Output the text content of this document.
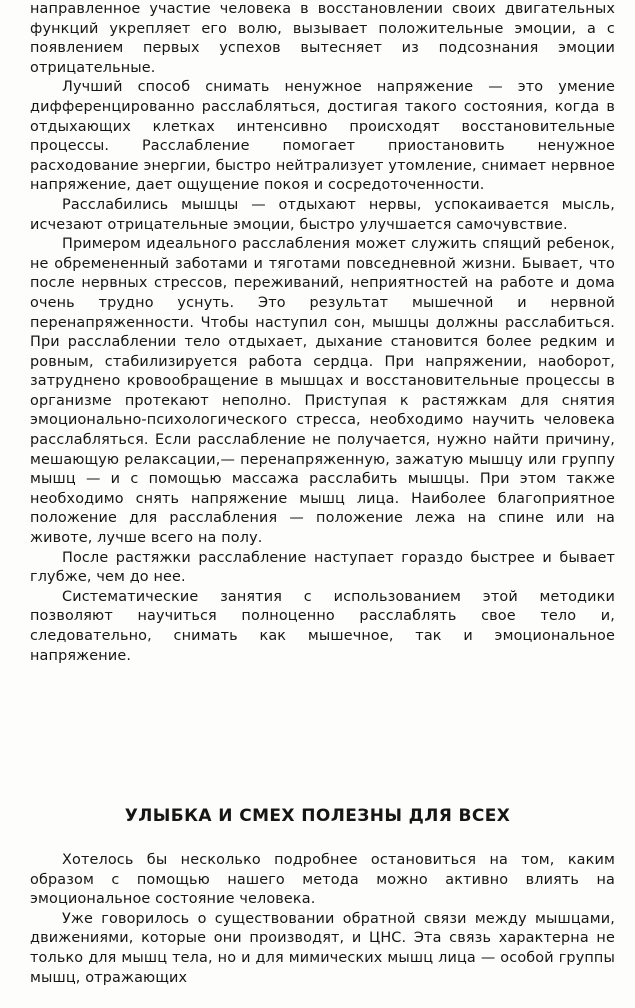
направленное участие человека в восстановлении своих двигательных функций укрепляет его волю, вызывает положительные эмоции, а с появлением первых успехов вытесняет из подсознания эмоции отрицательные.

Лучший способ снимать ненужное напряжение — это умение дифференцированно расслабляться, достигая такого состояния, когда в отдыхающих клетках интенсивно происходят восстановительные процессы. Расслабление помогает приостановить ненужное расходование энергии, быстро нейтрализует утомление, снимает нервное напряжение, дает ощущение покоя и сосредоточенности.

Расслабились мышцы — отдыхают нервы, успокаивается мысль, исчезают отрицательные эмоции, быстро улучшается самочувствие.

Примером идеального расслабления может служить спящий ребенок, не обремененный заботами и тяготами повседневной жизни. Бывает, что после нервных стрессов, переживаний, неприятностей на работе и дома очень трудно уснуть. Это результат мышечной и нервной перенапряженности. Чтобы наступил сон, мышцы должны расслабиться. При расслаблении тело отдыхает, дыхание становится более редким и ровным, стабилизируется работа сердца. При напряжении, наоборот, затруднено кровообращение в мышцах и восстановительные процессы в организме протекают неполно. Приступая к растяжкам для снятия эмоционально-психологического стресса, необходимо научить человека расслабляться. Если расслабление не получается, нужно найти причину, мешающую релаксации,— перенапряженную, зажатую мышцу или группу мышц — и с помощью массажа расслабить мышцы. При этом также необходимо снять напряжение мышц лица. Наиболее благоприятное положение для расслабления — положение лежа на спине или на животе, лучше всего на полу.

После растяжки расслабление наступает гораздо быстрее и бывает глубже, чем до нее.

Систематические занятия с использованием этой методики позволяют научиться полноценно расслаблять свое тело и, следовательно, снимать как мышечное, так и эмоциональное напряжение.

УЛЫБКА И СМЕХ ПОЛЕЗНЫ ДЛЯ ВСЕХ

Хотелось бы несколько подробнее остановиться на том, каким образом с помощью нашего метода можно активно влиять на эмоциональное состояние человека.

Уже говорилось о существовании обратной связи между мышцами, движениями, которые они производят, и ЦНС. Эта связь характерна не только для мышц тела, но и для мимических мышц лица — особой группы мышц, отражающих
